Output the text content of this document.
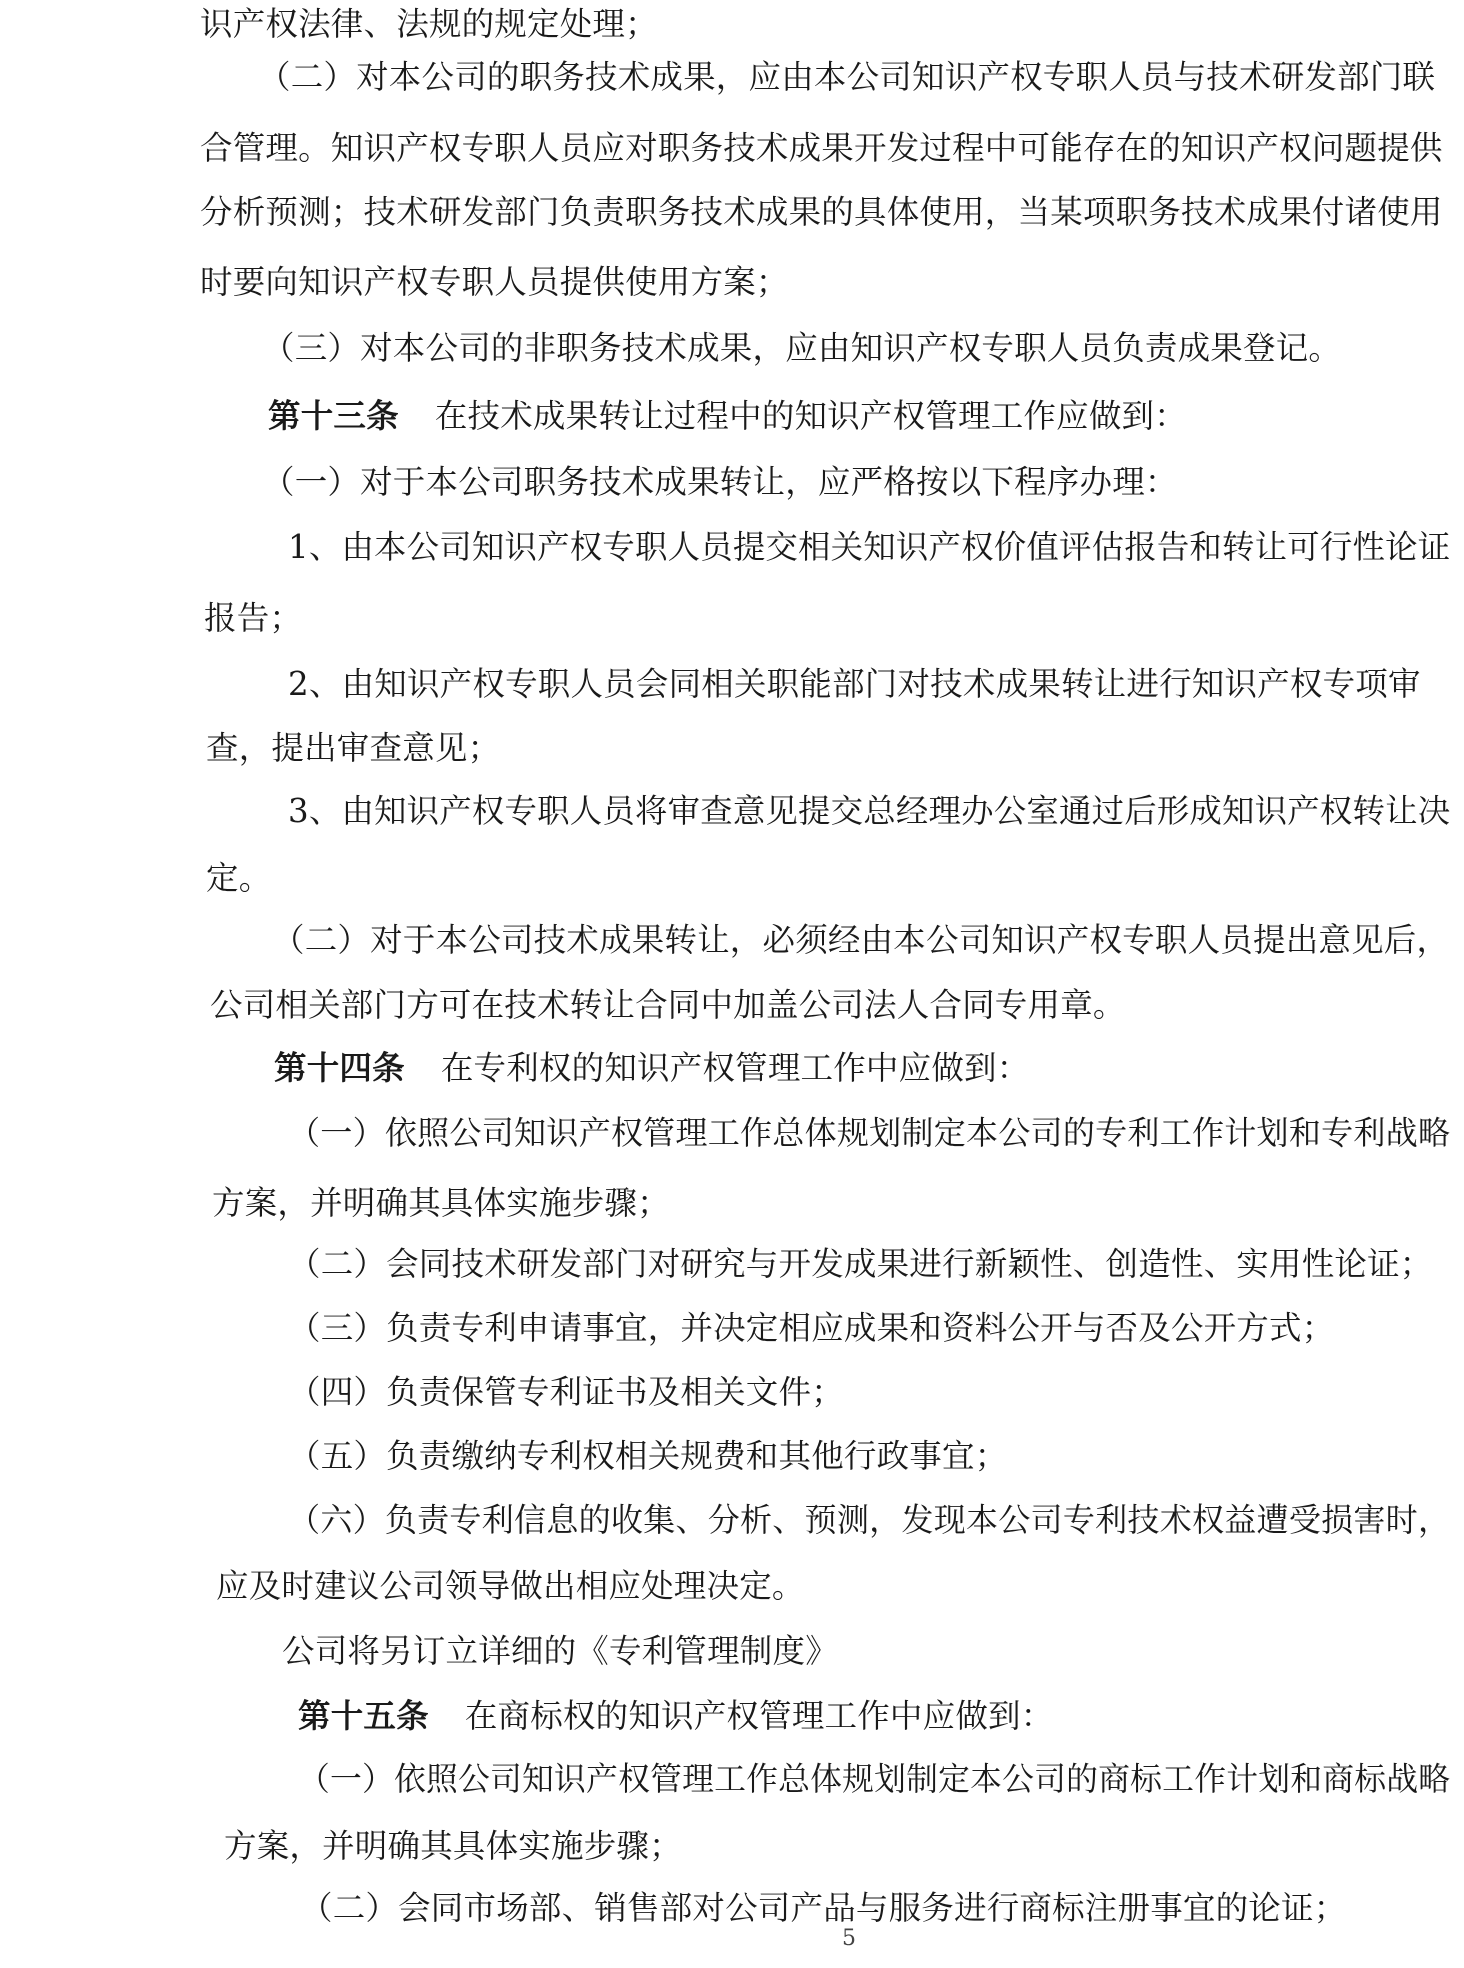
识产权法律、法规的规定处理；
（二）对本公司的职务技术成果，应由本公司知识产权专职人员与技术研发部门联
合管理。知识产权专职人员应对职务技术成果开发过程中可能存在的知识产权问题提供
分析预测；技术研发部门负责职务技术成果的具体使用，当某项职务技术成果付诸使用
时要向知识产权专职人员提供使用方案；
（三）对本公司的非职务技术成果，应由知识产权专职人员负责成果登记。
第十三条 在技术成果转让过程中的知识产权管理工作应做到：
（一）对于本公司职务技术成果转让，应严格按以下程序办理：
1、由本公司知识产权专职人员提交相关知识产权价值评估报告和转让可行性论证
报告；
2、由知识产权专职人员会同相关职能部门对技术成果转让进行知识产权专项审
查，提出审查意见；
3、由知识产权专职人员将审查意见提交总经理办公室通过后形成知识产权转让决
定。
（二）对于本公司技术成果转让，必须经由本公司知识产权专职人员提出意见后，
公司相关部门方可在技术转让合同中加盖公司法人合同专用章。
第十四条 在专利权的知识产权管理工作中应做到：
（一）依照公司知识产权管理工作总体规划制定本公司的专利工作计划和专利战略
方案，并明确其具体实施步骤；
（二）会同技术研发部门对研究与开发成果进行新颖性、创造性、实用性论证；
（三）负责专利申请事宜，并决定相应成果和资料公开与否及公开方式；
（四）负责保管专利证书及相关文件；
（五）负责缴纳专利权相关规费和其他行政事宜；
（六）负责专利信息的收集、分析、预测，发现本公司专利技术权益遭受损害时，
应及时建议公司领导做出相应处理决定。
公司将另订立详细的《专利管理制度》
第十五条 在商标权的知识产权管理工作中应做到：
（一）依照公司知识产权管理工作总体规划制定本公司的商标工作计划和商标战略
方案，并明确其具体实施步骤；
（二）会同市场部、销售部对公司产品与服务进行商标注册事宜的论证；
5
